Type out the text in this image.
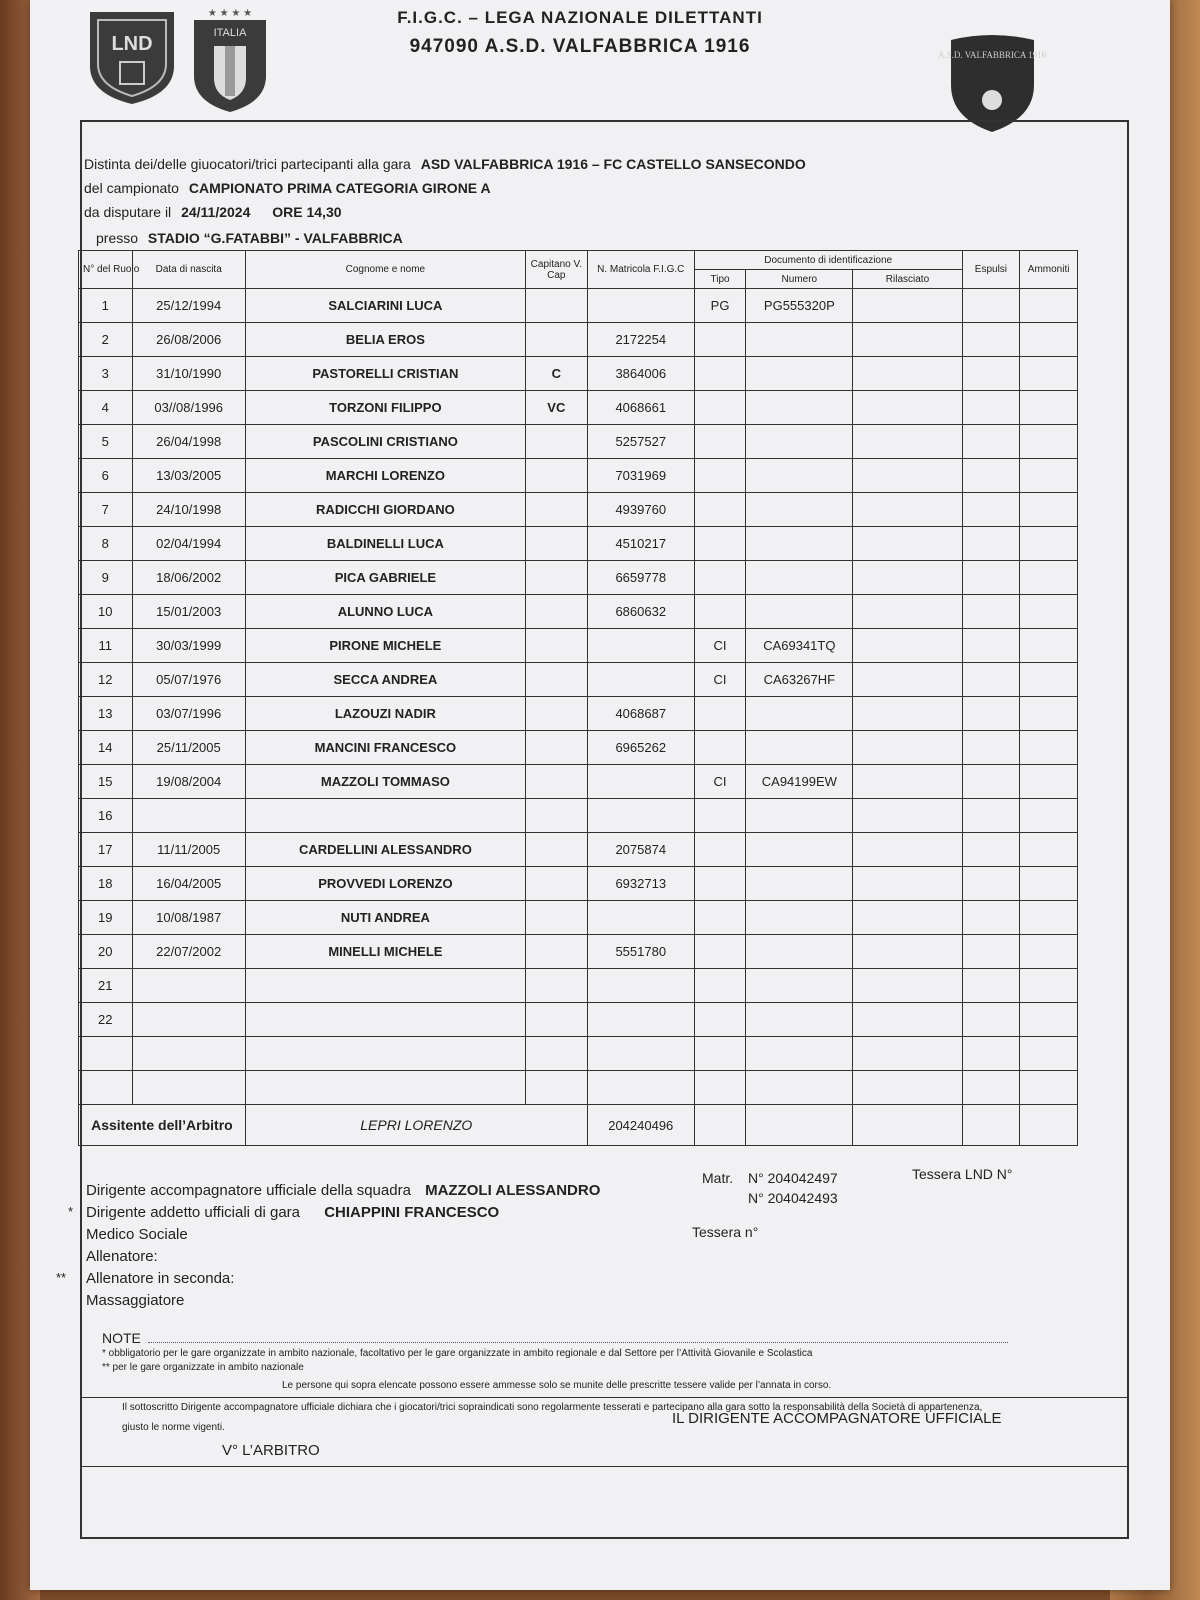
LND
★ ★ ★ ★
ITALIA
A.S.D. VALFABBRICA 1916
F.I.G.C. – LEGA NAZIONALE DILETTANTI
947090 A.S.D. VALFABBRICA 1916
Distinta dei/delle giuocatori/trici partecipanti alla gara ASD VALFABBRICA 1916 – FC CASTELLO SANSECONDO
del campionato CAMPIONATO PRIMA CATEGORIA GIRONE A
da disputare il 24/11/2024 ORE 14,30
presso STADIO “G.FATABBI” - VALFABBRICA
N° del Ruolo	Data di nascita	Cognome e nome	Capitano V. Cap	N. Matricola F.I.G.C	Documento di identificazione			Espulsi	Ammoniti
					Tipo	Numero	Rilasciato		
1	25/12/1994	SALCIARINI LUCA			PG	PG555320P			
2	26/08/2006	BELIA EROS		2172254					
3	31/10/1990	PASTORELLI CRISTIAN	C	3864006					
4	03//08/1996	TORZONI FILIPPO	VC	4068661					
5	26/04/1998	PASCOLINI CRISTIANO		5257527					
6	13/03/2005	MARCHI LORENZO		7031969					
7	24/10/1998	RADICCHI GIORDANO		4939760					
8	02/04/1994	BALDINELLI LUCA		4510217					
9	18/06/2002	PICA GABRIELE		6659778					
10	15/01/2003	ALUNNO LUCA		6860632					
11	30/03/1999	PIRONE MICHELE			CI	CA69341TQ			
12	05/07/1976	SECCA ANDREA			CI	CA63267HF			
13	03/07/1996	LAZOUZI NADIR		4068687					
14	25/11/2005	MANCINI FRANCESCO		6965262					
15	19/08/2004	MAZZOLI TOMMASO			CI	CA94199EW			
16									
17	11/11/2005	CARDELLINI ALESSANDRO		2075874					
18	16/04/2005	PROVVEDI LORENZO		6932713					
19	10/08/1987	NUTI ANDREA							
20	22/07/2002	MINELLI MICHELE		5551780					
21									
22									

Assitente dell’Arbitro		LEPRI LORENZO		204240496					
Dirigente accompagnatore ufficiale della squadra MAZZOLI ALESSANDRO
* Dirigente addetto ufficiali di gara CHIAPPINI FRANCESCO
Medico Sociale
Allenatore:
** Allenatore in seconda:
Massaggiatore
Matr. N° 204042497
N° 204042493
Tessera LND N°
Tessera n°
NOTE
* obbligatorio per le gare organizzate in ambito nazionale, facoltativo per le gare organizzate in ambito regionale e dal Settore per l’Attività Giovanile e Scolastica
** per le gare organizzate in ambito nazionale
Le persone qui sopra elencate possono essere ammesse solo se munite delle prescritte tessere valide per l’annata in corso.
Il sottoscritto Dirigente accompagnatore ufficiale dichiara che i giocatori/trici sopraindicati sono regolarmente tesserati e partecipano alla gara sotto la responsabilità della Società di appartenenza,
giusto le norme vigenti.
V° L’ARBITRO
IL DIRIGENTE ACCOMPAGNATORE UFFICIALE
